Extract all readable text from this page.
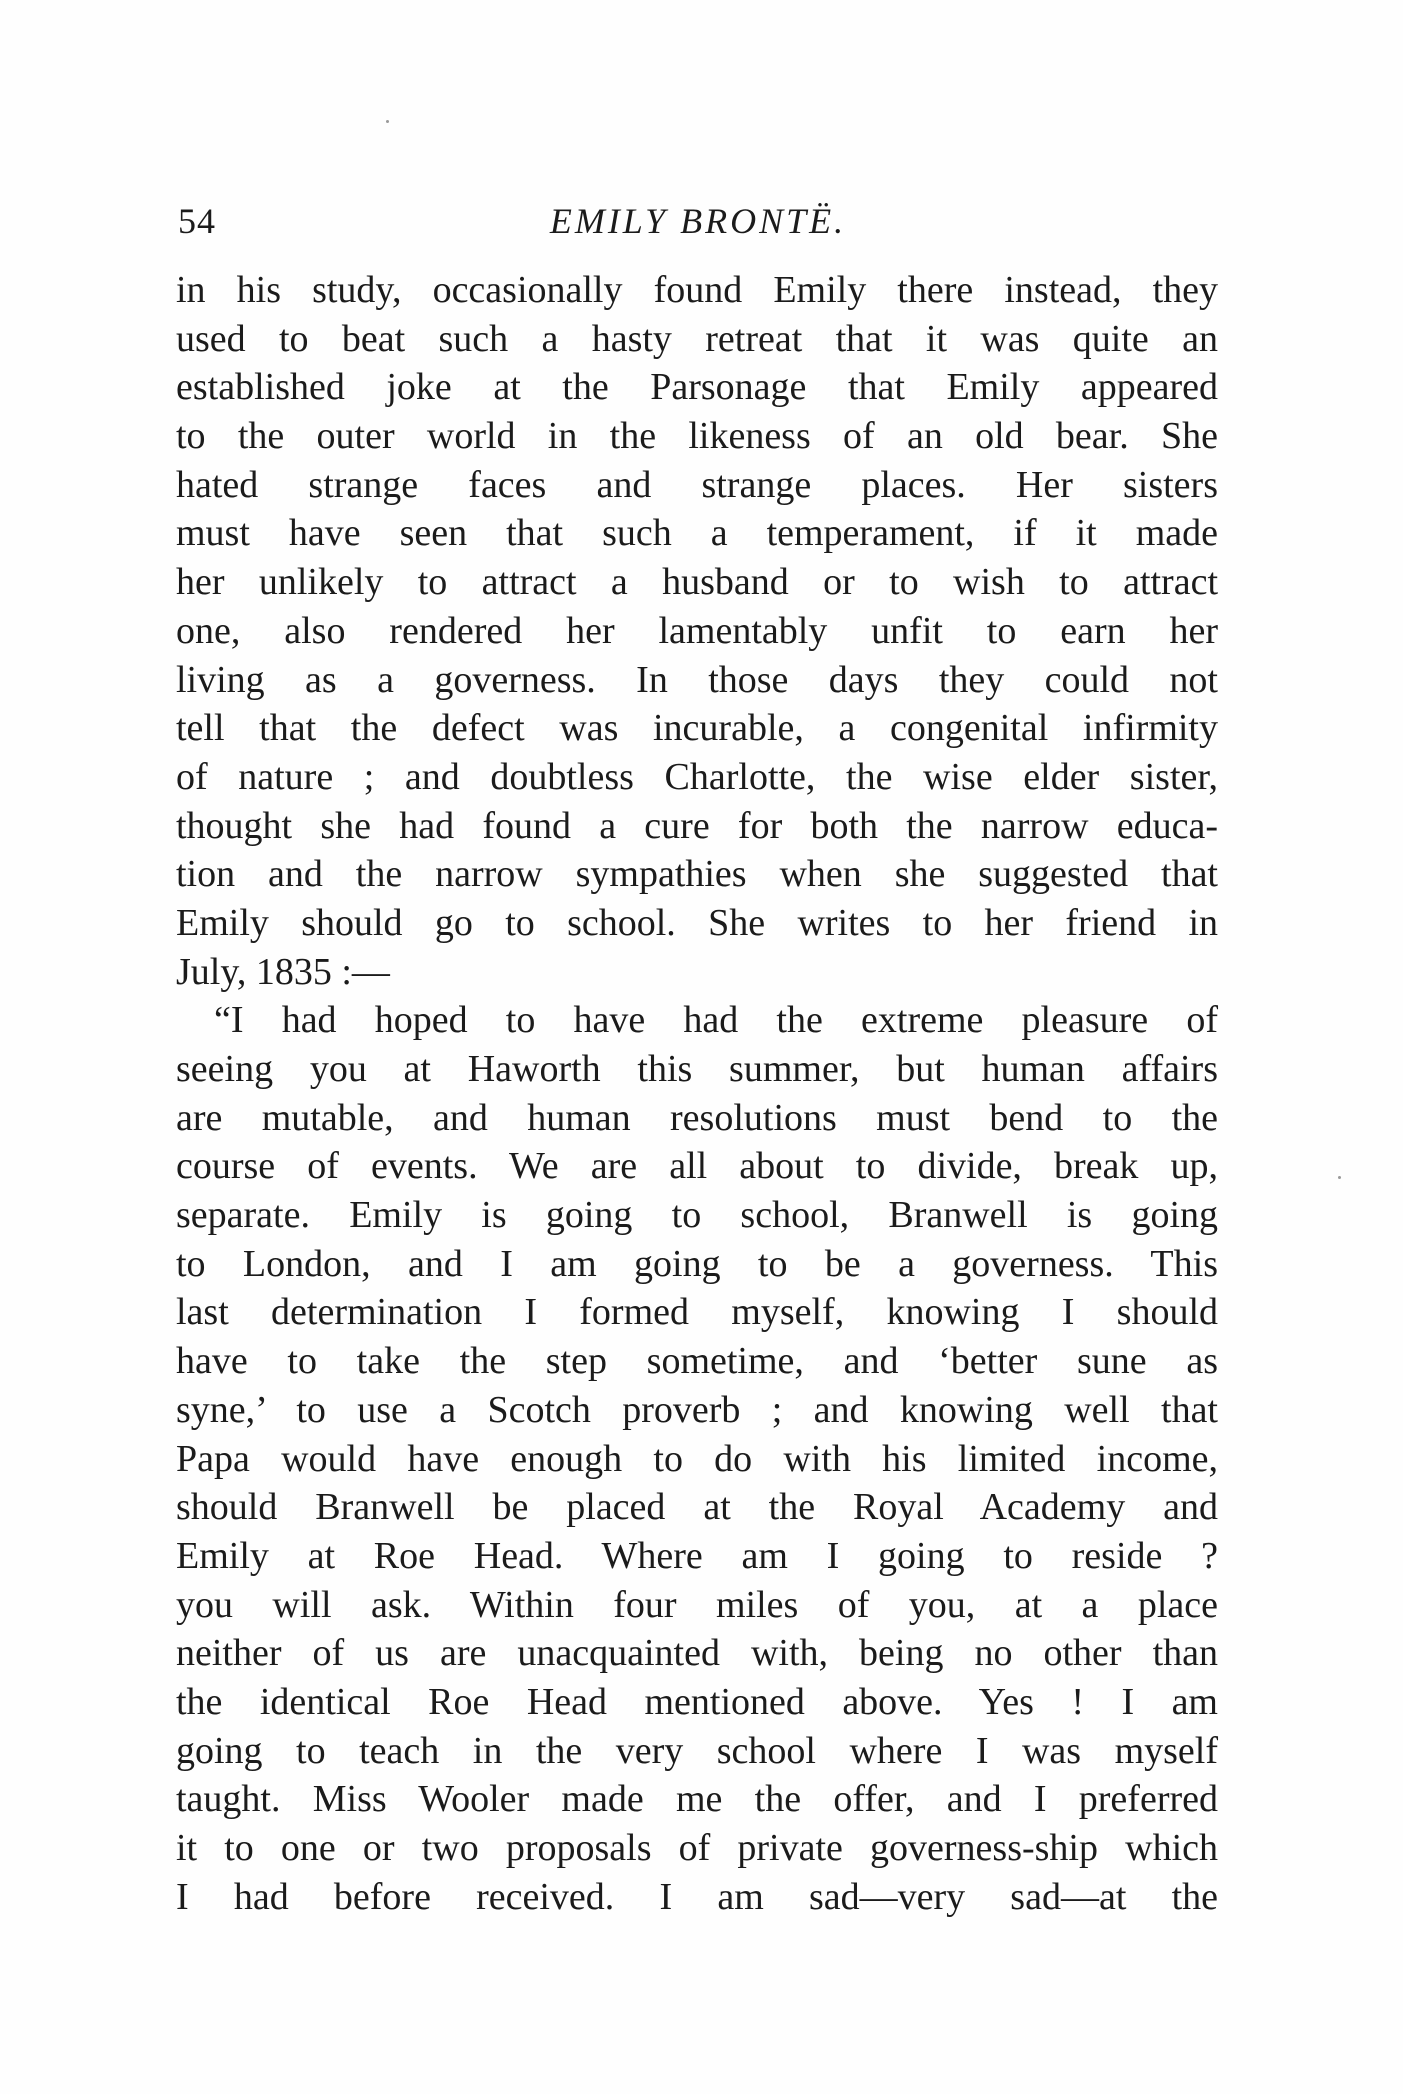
54	EMILY BRONTË.
in his study, occasionally found Emily there instead, they
used to beat such a hasty retreat that it was quite an
established joke at the Parsonage that Emily appeared
to the outer world in the likeness of an old bear. She
hated strange faces and strange places. Her sisters
must have seen that such a temperament, if it made
her unlikely to attract a husband or to wish to attract
one, also rendered her lamentably unfit to earn her
living as a governess. In those days they could not
tell that the defect was incurable, a congenital infirmity
of nature ; and doubtless Charlotte, the wise elder sister,
thought she had found a cure for both the narrow educa-
tion and the narrow sympathies when she suggested that
Emily should go to school. She writes to her friend in
July, 1835 :—
“I had hoped to have had the extreme pleasure of
seeing you at Haworth this summer, but human affairs
are mutable, and human resolutions must bend to the
course of events. We are all about to divide, break up,
separate. Emily is going to school, Branwell is going
to London, and I am going to be a governess. This
last determination I formed myself, knowing I should
have to take the step sometime, and ‘better sune as
syne,’ to use a Scotch proverb ; and knowing well that
Papa would have enough to do with his limited income,
should Branwell be placed at the Royal Academy and
Emily at Roe Head. Where am I going to reside ?
you will ask. Within four miles of you, at a place
neither of us are unacquainted with, being no other than
the identical Roe Head mentioned above. Yes ! I am
going to teach in the very school where I was myself
taught. Miss Wooler made me the offer, and I preferred
it to one or two proposals of private governess-ship which
I had before received. I am sad—very sad—at the
